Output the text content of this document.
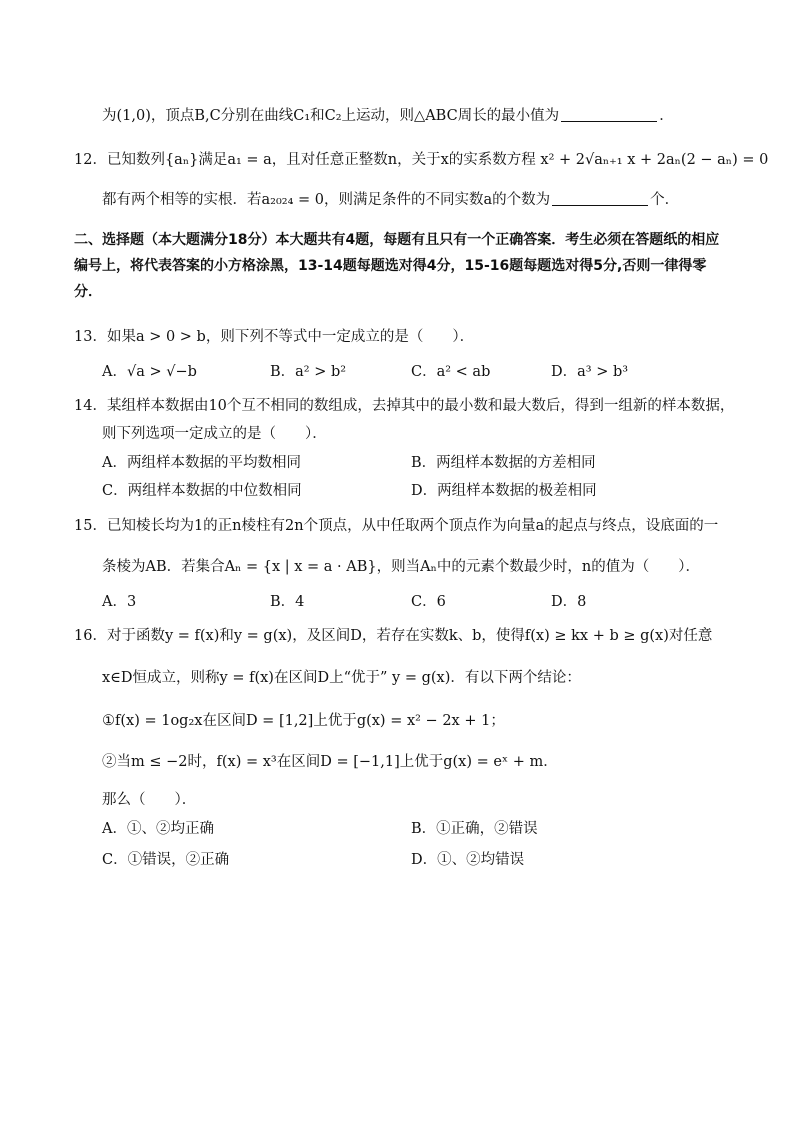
为(1,0)，顶点B,C分别在曲线C₁和C₂上运动，则△ABC周长的最小值为	．
12．已知数列{aₙ}满足a₁ = a，且对任意正整数n，关于x的实系数方程 x² + 2√aₙ₊₁ x + 2aₙ(2 − aₙ) = 0
都有两个相等的实根．若a₂₀₂₄ = 0，则满足条件的不同实数a的个数为	个．
二、选择题（本大题满分18分）本大题共有4题，每题有且只有一个正确答案．考生必须在答题纸的相应编号上，将代表答案的小方格涂黑，13-14题每题选对得4分，15-16题每题选对得5分,否则一律得零分．
13．如果a > 0 > b，则下列不等式中一定成立的是（　　）．
A．√a > √−b	B．a² > b²	C．a² < ab	D．a³ > b³
14．某组样本数据由10个互不相同的数组成，去掉其中的最小数和最大数后，得到一组新的样本数据，
则下列选项一定成立的是（　　）．
A．两组样本数据的平均数相同	B．两组样本数据的方差相同
C．两组样本数据的中位数相同	D．两组样本数据的极差相同
15．已知棱长均为1的正n棱柱有2n个顶点，从中任取两个顶点作为向量a的起点与终点，设底面的一
条棱为AB．若集合Aₙ = {x | x = a · AB}，则当Aₙ中的元素个数最少时，n的值为（　　）．
A．3	B．4	C．6	D．8
16．对于函数y = f(x)和y = g(x)，及区间D，若存在实数k、b，使得f(x) ≥ kx + b ≥ g(x)对任意
x∈D恒成立，则称y = f(x)在区间D上“优于” y = g(x)．有以下两个结论：
①f(x) = 1og₂x在区间D = [1,2]上优于g(x) = x² − 2x + 1；
②当m ≤ −2时，f(x) = x³在区间D = [−1,1]上优于g(x) = eˣ + m．
那么（　　）．
A．①、②均正确	B．①正确，②错误
C．①错误，②正确	D．①、②均错误
